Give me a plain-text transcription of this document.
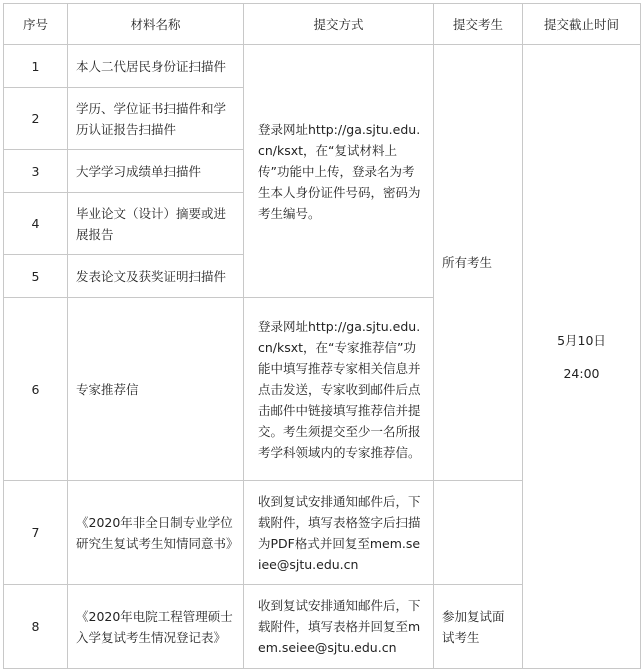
序号	材料名称	提交方式	提交考生	提交截止时间
1	本人二代居民身份证扫描件	登录网址http://ga.sjtu.edu.cn/ksxt，在“复试材料上传”功能中上传，登录名为考生本人身份证件号码，密码为考生编号。	所有考生	5月10日
24:00

2	学历、学位证书扫描件和学历认证报告扫描件			
3	大学学习成绩单扫描件			
4	毕业论文（设计）摘要或进展报告			
5	发表论文及获奖证明扫描件			
6	专家推荐信	登录网址http://ga.sjtu.edu.cn/ksxt，在“专家推荐信”功能中填写推荐专家相关信息并点击发送，专家收到邮件后点击邮件中链接填写推荐信并提交。考生须提交至少一名所报考学科领域内的专家推荐信。		
7	《2020年非全日制专业学位研究生复试考生知情同意书》	收到复试安排通知邮件后，下载附件，填写表格签字后扫描为PDF格式并回复至mem.seiee@sjtu.edu.cn		
8	《2020年电院工程管理硕士入学复试考生情况登记表》	收到复试安排通知邮件后，下载附件，填写表格并回复至mem.seiee@sjtu.edu.cn	参加复试面试考生	
